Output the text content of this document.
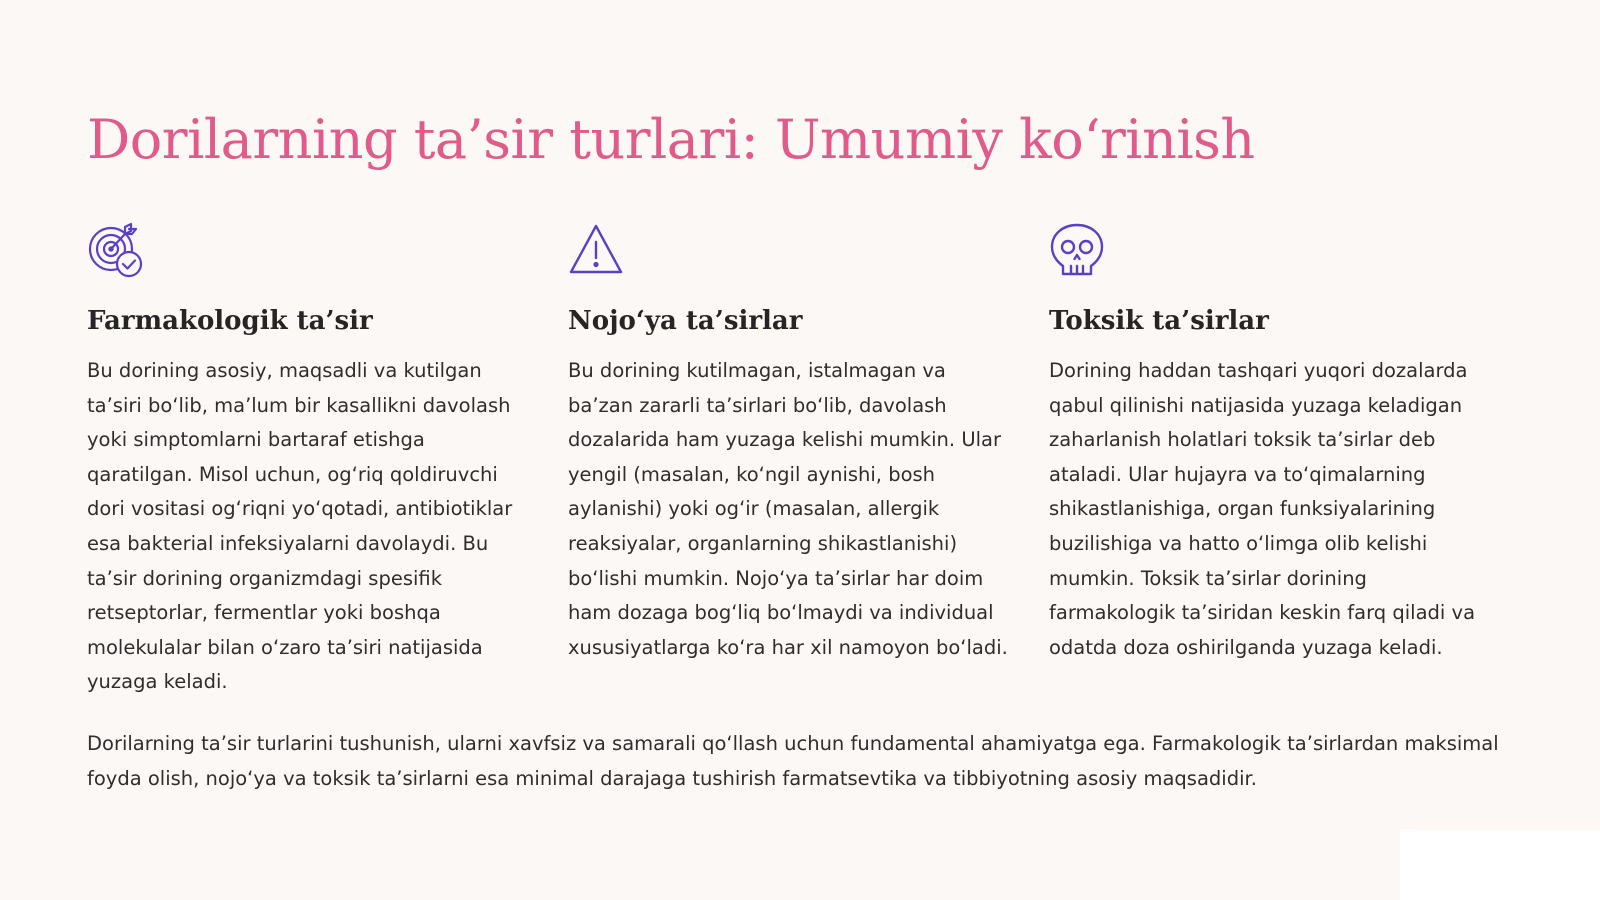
Dorilarning ta’sir turlari: Umumiy ko‘rinish
Farmakologik ta’sir

Bu dorining asosiy, maqsadli va kutilgan ta’siri bo‘lib, ma’lum bir kasallikni davolash yoki simptomlarni bartaraf etishga qaratilgan. Misol uchun, og‘riq qoldiruvchi dori vositasi og‘riqni yo‘qotadi, antibiotiklar esa bakterial infeksiyalarni davolaydi. Bu ta’sir dorining organizmdagi spesifik retseptorlar, fermentlar yoki boshqa molekulalar bilan o‘zaro ta’siri natijasida yuzaga keladi.

Nojo‘ya ta’sirlar

Bu dorining kutilmagan, istalmagan va ba’zan zararli ta’sirlari bo‘lib, davolash dozalarida ham yuzaga kelishi mumkin. Ular yengil (masalan, ko‘ngil aynishi, bosh aylanishi) yoki og‘ir (masalan, allergik reaksiyalar, organlarning shikastlanishi) bo‘lishi mumkin. Nojo‘ya ta’sirlar har doim ham dozaga bog‘liq bo‘lmaydi va individual xususiyatlarga ko‘ra har xil namoyon bo‘ladi.

Toksik ta’sirlar

Dorining haddan tashqari yuqori dozalarda qabul qilinishi natijasida yuzaga keladigan zaharlanish holatlari toksik ta’sirlar deb ataladi. Ular hujayra va to‘qimalarning shikastlanishiga, organ funksiyalarining buzilishiga va hatto o‘limga olib kelishi mumkin. Toksik ta’sirlar dorining farmakologik ta’siridan keskin farq qiladi va odatda doza oshirilganda yuzaga keladi.

Dorilarning ta’sir turlarini tushunish, ularni xavfsiz va samarali qo‘llash uchun fundamental ahamiyatga ega. Farmakologik ta’sirlardan maksimal foyda olish, nojo‘ya va toksik ta’sirlarni esa minimal darajaga tushirish farmatsevtika va tibbiyotning asosiy maqsadidir.
